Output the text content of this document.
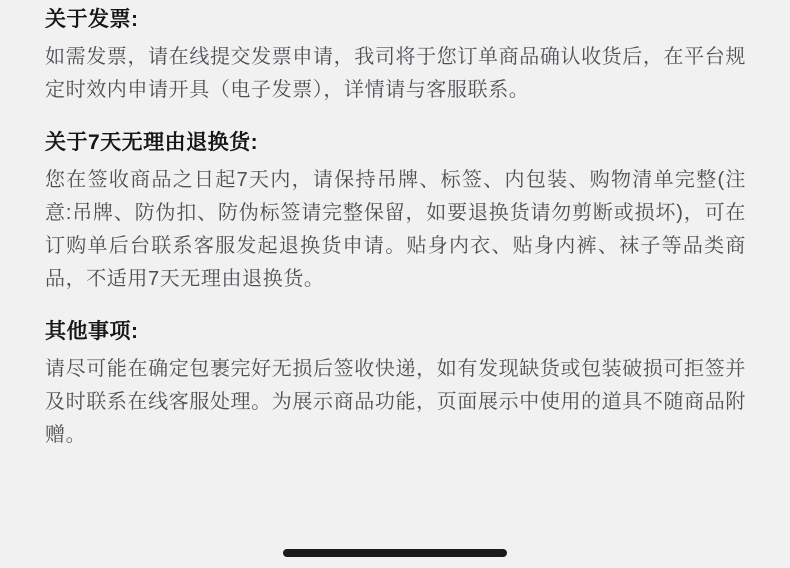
关于发票:
如需发票，请在线提交发票申请，我司将于您订单商品确认收货后，在平台规定时效内申请开具（电子发票），详情请与客服联系。
关于7天无理由退换货:
您在签收商品之日起7天内，请保持吊牌、标签、内包装、购物清单完整(注意:吊牌、防伪扣、防伪标签请完整保留，如要退换货请勿剪断或损坏)，可在订购单后台联系客服发起退换货申请。贴身内衣、贴身内裤、袜子等品类商品，不适用7天无理由退换货。
其他事项:
请尽可能在确定包裹完好无损后签收快递，如有发现缺货或包装破损可拒签并及时联系在线客服处理。为展示商品功能，页面展示中使用的道具不随商品附赠。
